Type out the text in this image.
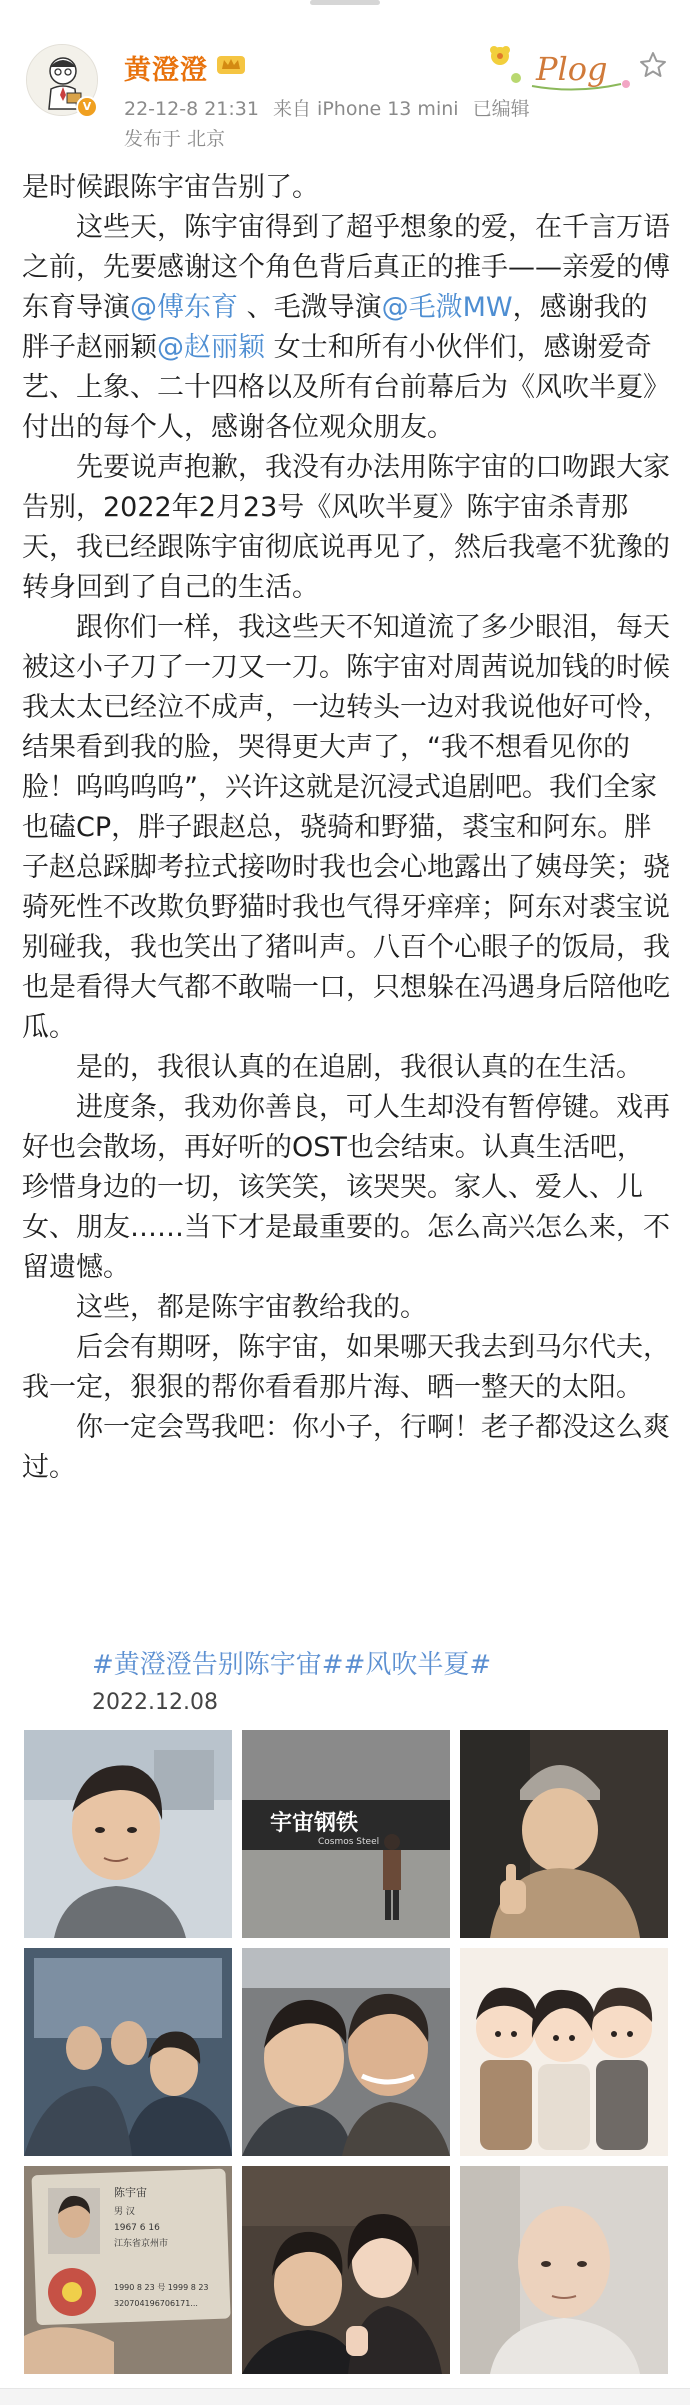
V
黄澄澄
22-12-8 21:31 来自 iPhone 13 mini 已编辑
发布于 北京
Plog

是时候跟陈宇宙告别了。

这些天，陈宇宙得到了超乎想象的爱，在千言万语之前，先要感谢这个角色背后真正的推手——亲爱的傅东育导演@傅东育 、毛溦导演@毛溦MW，感谢我的胖子赵丽颖@赵丽颖 女士和所有小伙伴们，感谢爱奇艺、上象、二十四格以及所有台前幕后为《风吹半夏》付出的每个人，感谢各位观众朋友。

先要说声抱歉，我没有办法用陈宇宙的口吻跟大家告别，2022年2月23号《风吹半夏》陈宇宙杀青那天，我已经跟陈宇宙彻底说再见了，然后我毫不犹豫的转身回到了自己的生活。

跟你们一样，我这些天不知道流了多少眼泪，每天被这小子刀了一刀又一刀。陈宇宙对周茜说加钱的时候我太太已经泣不成声，一边转头一边对我说他好可怜，结果看到我的脸，哭得更大声了，“我不想看见你的脸！呜呜呜呜”，兴许这就是沉浸式追剧吧。我们全家也磕CP，胖子跟赵总，骁骑和野猫，裘宝和阿东。胖子赵总踩脚考拉式接吻时我也会心地露出了姨母笑；骁骑死性不改欺负野猫时我也气得牙痒痒；阿东对裘宝说别碰我，我也笑出了猪叫声。八百个心眼子的饭局，我也是看得大气都不敢喘一口，只想躲在冯遇身后陪他吃瓜。

是的，我很认真的在追剧，我很认真的在生活。

进度条，我劝你善良，可人生却没有暂停键。戏再好也会散场，再好听的OST也会结束。认真生活吧，珍惜身边的一切，该笑笑，该哭哭。家人、爱人、儿女、朋友……当下才是最重要的。怎么高兴怎么来，不留遗憾。

这些，都是陈宇宙教给我的。

后会有期呀，陈宇宙，如果哪天我去到马尔代夫，我一定，狠狠的帮你看看那片海、晒一整天的太阳。

你一定会骂我吧：你小子，行啊！老子都没这么爽过。

#黄澄澄告别陈宇宙##风吹半夏#
2022.12.08
宇宙钢铁
Cosmos Steel
陈宇宙
男 汉
1967 6 16
江东省京州市
1990 8 23 号 1999 8 23
320704196706171...
